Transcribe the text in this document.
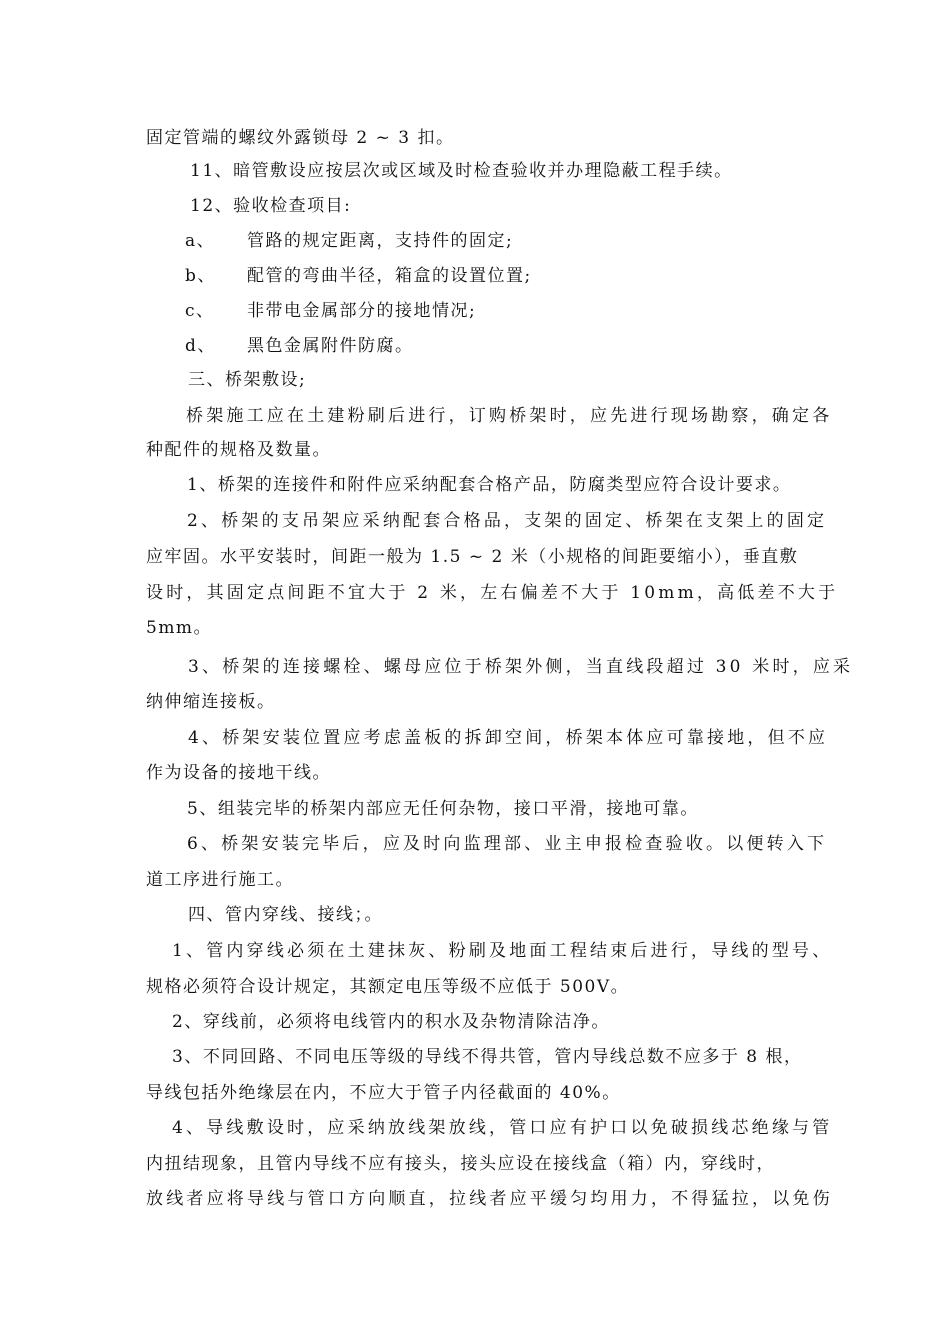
固定管端的螺纹外露锁母 2 ~ 3 扣。
11、暗管敷设应按层次或区域及时检查验收并办理隐蔽工程手续。
12、验收检查项目:
a、 管路的规定距离，支持件的固定;
b、 配管的弯曲半径，箱盒的设置位置;
c、 非带电金属部分的接地情况;
d、 黑色金属附件防腐。
三、桥架敷设;
桥架施工应在土建粉刷后进行，订购桥架时，应先进行现场勘察，确定各
种配件的规格及数量。
1、桥架的连接件和附件应采纳配套合格产品，防腐类型应符合设计要求。
2、桥架的支吊架应采纳配套合格品，支架的固定、桥架在支架上的固定
应牢固。水平安装时，间距一般为 1.5 ~ 2 米（小规格的间距要缩小），垂直敷
设时，其固定点间距不宜大于 2 米，左右偏差不大于 10mm，高低差不大于
5mm。
3、桥架的连接螺栓、螺母应位于桥架外侧，当直线段超过 30 米时，应采
纳伸缩连接板。
4、桥架安装位置应考虑盖板的拆卸空间，桥架本体应可靠接地，但不应
作为设备的接地干线。
5、组装完毕的桥架内部应无任何杂物，接口平滑，接地可靠。
6、桥架安装完毕后，应及时向监理部、业主申报检查验收。以便转入下
道工序进行施工。
四、管内穿线、接线；。
1、管内穿线必须在土建抹灰、粉刷及地面工程结束后进行，导线的型号、
规格必须符合设计规定，其额定电压等级不应低于 500V。
2、穿线前，必须将电线管内的积水及杂物清除洁净。
3、不同回路、不同电压等级的导线不得共管，管内导线总数不应多于 8 根，
导线包括外绝缘层在内，不应大于管子内径截面的 40%。
4、导线敷设时，应采纳放线架放线，管口应有护口以免破损线芯绝缘与管
内扭结现象，且管内导线不应有接头，接头应设在接线盒（箱）内，穿线时，
放线者应将导线与管口方向顺直，拉线者应平缓匀均用力，不得猛拉，以免伤
